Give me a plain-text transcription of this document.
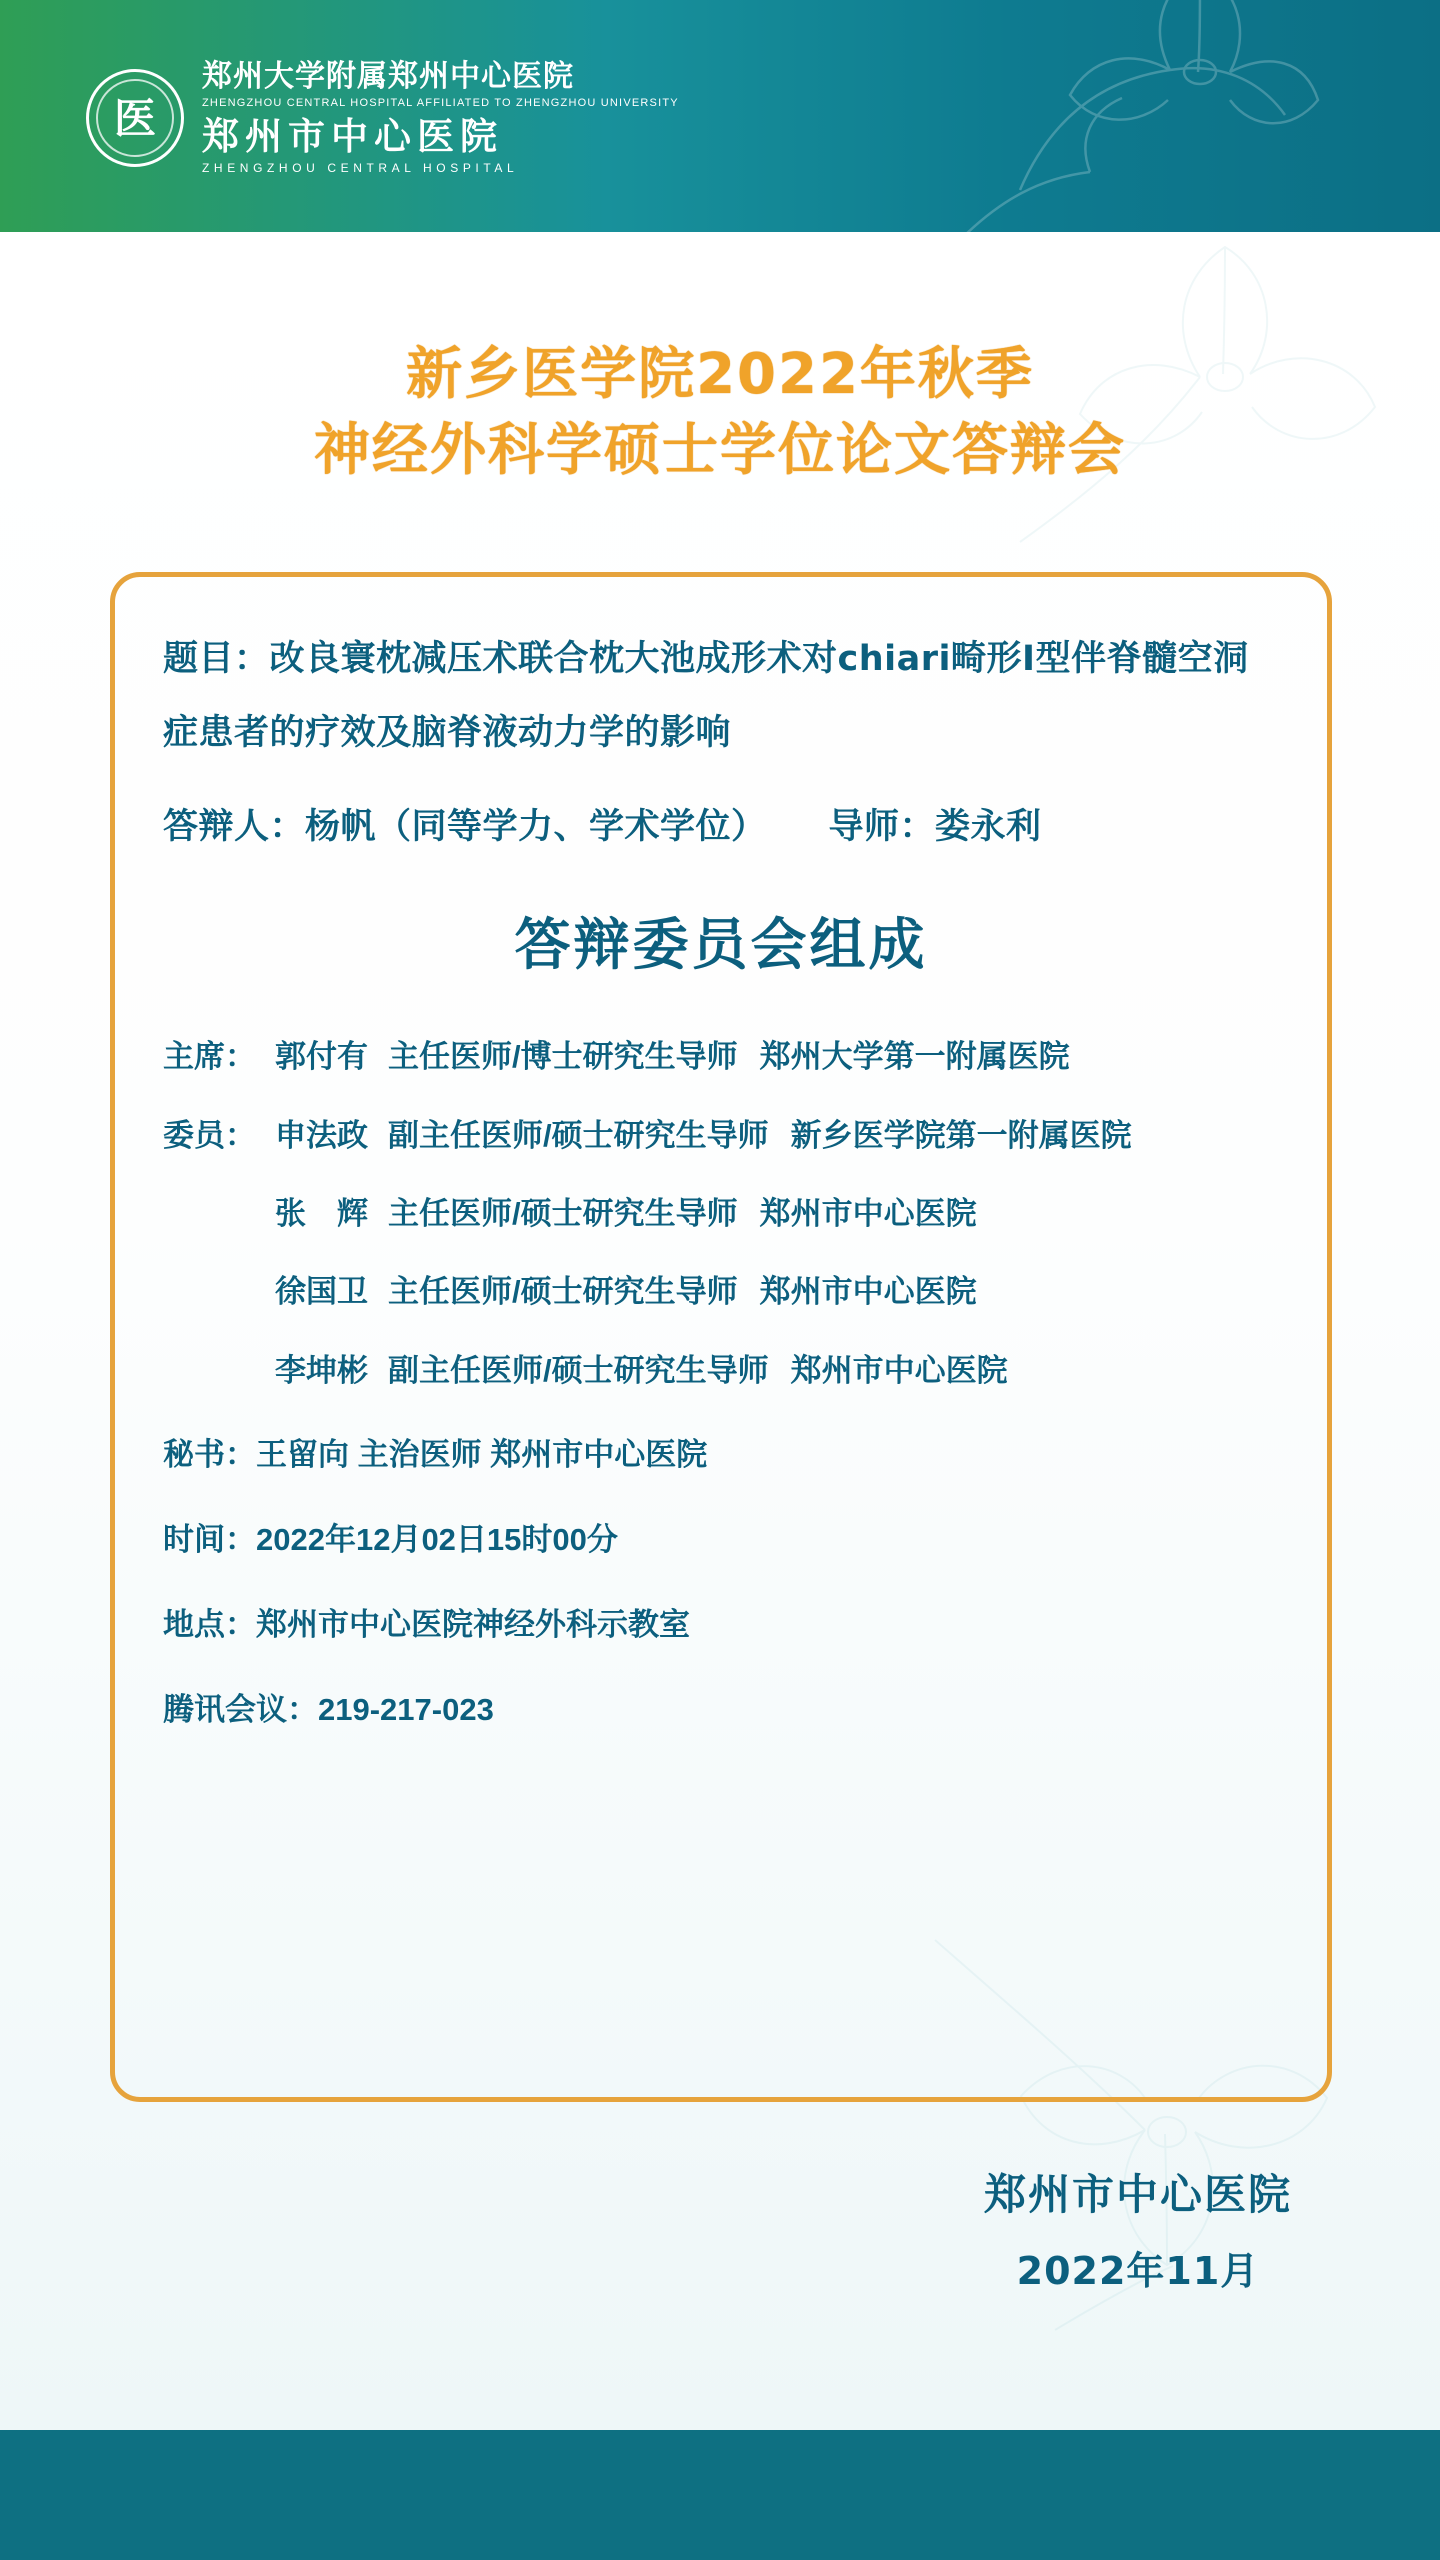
医
郑州大学附属郑州中心医院
ZHENGZHOU CENTRAL HOSPITAL AFFILIATED TO ZHENGZHOU UNIVERSITY
郑州市中心医院
ZHENGZHOU CENTRAL HOSPITAL
新乡医学院2022年秋季
神经外科学硕士学位论文答辩会
题目：改良寰枕减压术联合枕大池成形术对chiari畸形I型伴脊髓空洞
症患者的疗效及脑脊液动力学的影响
答辩人：杨帆（同等学力、学术学位） 导师：娄永利
答辩委员会组成
主席： 郭付有 主任医师/博士研究生导师 郑州大学第一附属医院
委员： 申法政 副主任医师/硕士研究生导师 新乡医学院第一附属医院
张　辉 主任医师/硕士研究生导师 郑州市中心医院
徐国卫 主任医师/硕士研究生导师 郑州市中心医院
李坤彬 副主任医师/硕士研究生导师 郑州市中心医院
秘书：王留向 主治医师 郑州市中心医院
时间：2022年12月02日15时00分
地点：郑州市中心医院神经外科示教室
腾讯会议：219-217-023
郑州市中心医院
2022年11月
